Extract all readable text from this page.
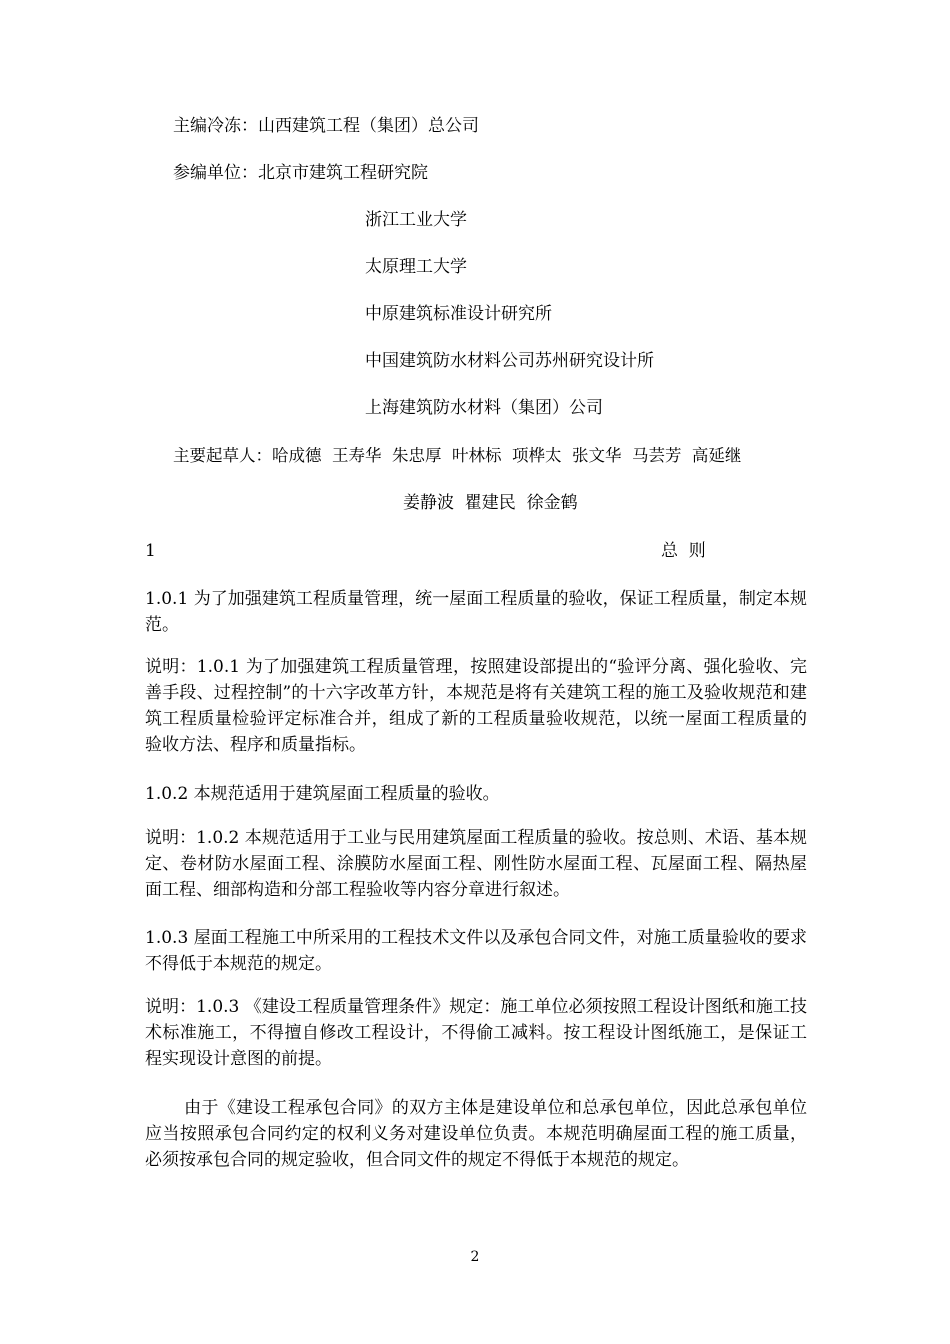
主编冷冻：山西建筑工程（集团）总公司
参编单位：北京市建筑工程研究院
浙江工业大学
太原理工大学
中原建筑标准设计研究所
中国建筑防水材料公司苏州研究设计所
上海建筑防水材料（集团）公司
主要起草人：哈成德  王寿华  朱忠厚  叶林标  项桦太  张文华  马芸芳  高延继
姜静波  瞿建民  徐金鹤
1	总  则
1.0.1 为了加强建筑工程质量管理，统一屋面工程质量的验收，保证工程质量，制定本规范。
说明：1.0.1 为了加强建筑工程质量管理，按照建设部提出的“验评分离、强化验收、完善手段、过程控制”的十六字改革方针，本规范是将有关建筑工程的施工及验收规范和建筑工程质量检验评定标准合并，组成了新的工程质量验收规范，以统一屋面工程质量的验收方法、程序和质量指标。
1.0.2 本规范适用于建筑屋面工程质量的验收。
说明：1.0.2 本规范适用于工业与民用建筑屋面工程质量的验收。按总则、术语、基本规定、卷材防水屋面工程、涂膜防水屋面工程、刚性防水屋面工程、瓦屋面工程、隔热屋面工程、细部构造和分部工程验收等内容分章进行叙述。
1.0.3 屋面工程施工中所采用的工程技术文件以及承包合同文件，对施工质量验收的要求不得低于本规范的规定。
说明：1.0.3 《建设工程质量管理条件》规定：施工单位必须按照工程设计图纸和施工技术标准施工，不得擅自修改工程设计，不得偷工减料。按工程设计图纸施工，是保证工程实现设计意图的前提。
由于《建设工程承包合同》的双方主体是建设单位和总承包单位，因此总承包单位应当按照承包合同约定的权利义务对建设单位负责。本规范明确屋面工程的施工质量，必须按承包合同的规定验收，但合同文件的规定不得低于本规范的规定。
2
